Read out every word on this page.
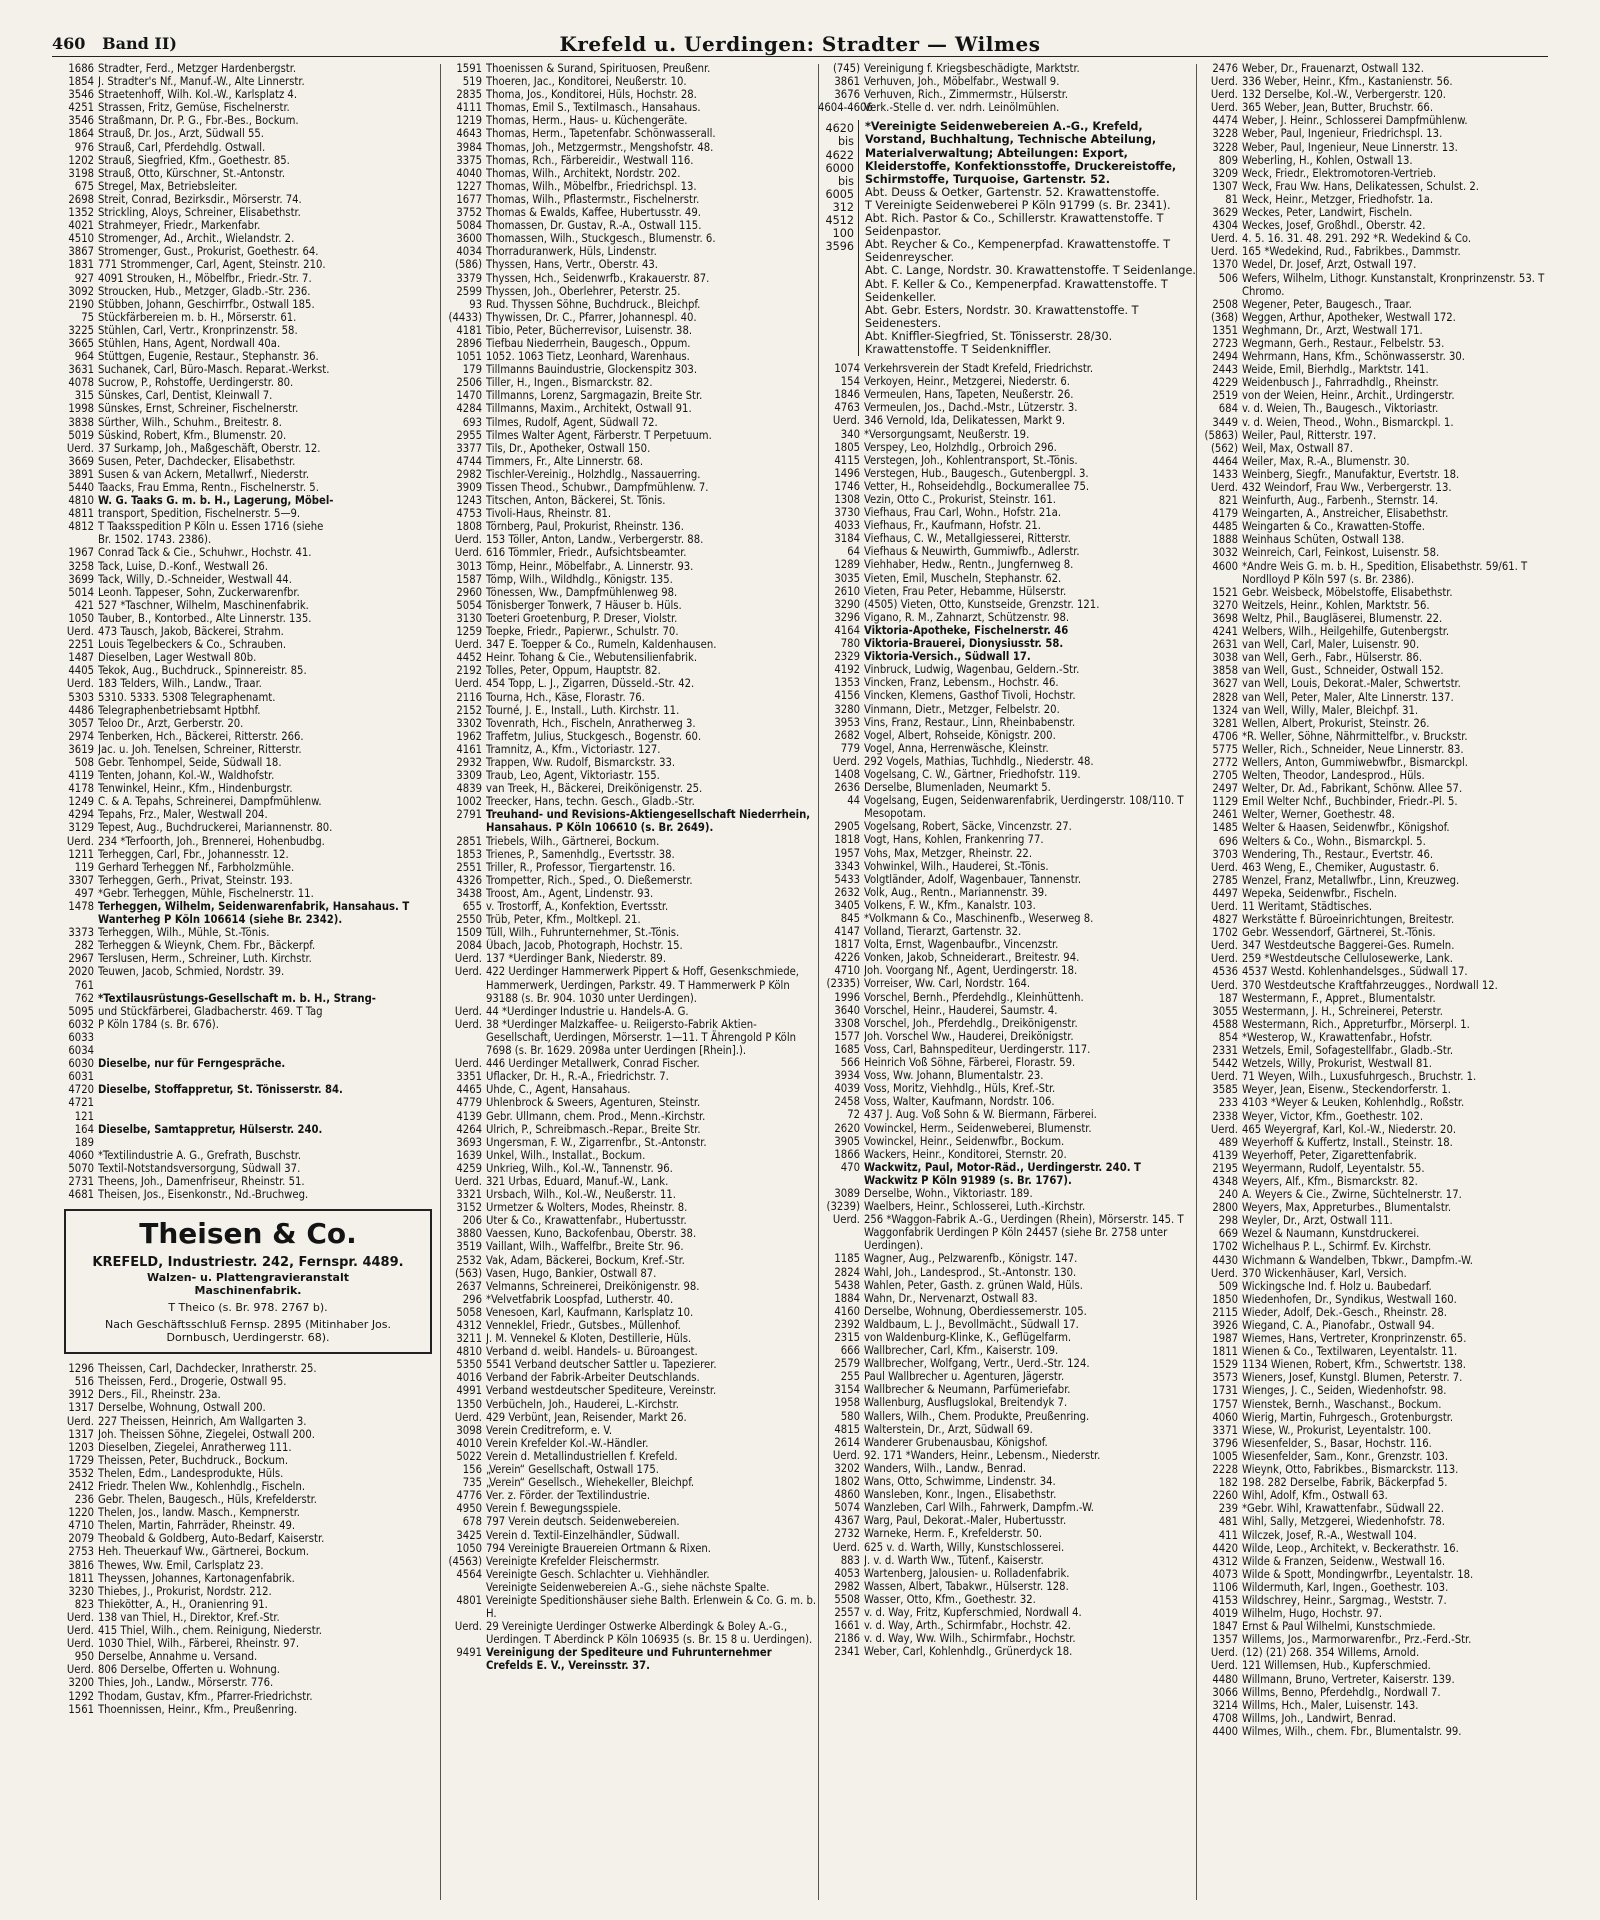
460 Band II)	Krefeld u. Uerdingen: Stradter — Wilmes
1686 Stradter, Ferd., Metzger Hardenbergstr.
1854 J. Stradter's Nf., Manuf.-W., Alte Linnerstr.
3546 Straetenhoff, Wilh. Kol.-W., Karlsplatz 4.
4251 Strassen, Fritz, Gemüse, Fischelnerstr.
3546 Straßmann, Dr. P. G., Fbr.-Bes., Bockum.
1864 Strauß, Dr. Jos., Arzt, Südwall 55.
976 Strauß, Carl, Pferdehdlg. Ostwall.
1202 Strauß, Siegfried, Kfm., Goethestr. 85.
3198 Strauß, Otto, Kürschner, St.-Antonstr.
675 Stregel, Max, Betriebsleiter.
2698 Streit, Conrad, Bezirksdir., Mörserstr. 74.
1352 Strickling, Aloys, Schreiner, Elisabethstr.
4021 Strahmeyer, Friedr., Markenfabr.
4510 Stromenger, Ad., Archit., Wielandstr. 2.
3867 Stromenger, Gust., Prokurist, Goethestr. 64.
1831 771 Strommenger, Carl, Agent, Steinstr. 210.
927 4091 Strouken, H., Möbelfbr., Friedr.-Str. 7.
3092 Stroucken, Hub., Metzger, Gladb.-Str. 236.
2190 Stübben, Johann, Geschirrfbr., Ostwall 185.
75 Stückfärbereien m. b. H., Mörserstr. 61.
3225 Stühlen, Carl, Vertr., Kronprinzenstr. 58.
3665 Stühlen, Hans, Agent, Nordwall 40a.
964 Stüttgen, Eugenie, Restaur., Stephanstr. 36.
3631 Suchanek, Carl, Büro-Masch. Reparat.-Werkst.
4078 Sucrow, P., Rohstoffe, Uerdingerstr. 80.
315 Sünskes, Carl, Dentist, Kleinwall 7.
1998 Sünskes, Ernst, Schreiner, Fischelnerstr.
3838 Sürther, Wilh., Schuhm., Breitestr. 8.
5019 Süskind, Robert, Kfm., Blumenstr. 20.
Uerd. 37 Surkamp, Joh., Maßgeschäft, Oberstr. 12.
3669 Susen, Peter, Dachdecker, Elisabethstr.
3891 Susen & van Ackern, Metallwrf., Niederstr.
5440 Taacks, Frau Emma, Rentn., Fischelnerstr. 5.
4810 W. G. Taaks G. m. b. H., Lagerung, Möbel-
4811 transport, Spedition, Fischelnerstr. 5—9.
4812 T Taaksspedition P Köln u. Essen 1716 (siehe
Br. 1502. 1743. 2386).
1967 Conrad Tack & Cie., Schuhwr., Hochstr. 41.
3258 Tack, Luise, D.-Konf., Westwall 26.
3699 Tack, Willy, D.-Schneider, Westwall 44.
5014 Leonh. Tappeser, Sohn, Zuckerwarenfbr.
421 527 *Taschner, Wilhelm, Maschinenfabrik.
1050 Tauber, B., Kontorbed., Alte Linnerstr. 135.
Uerd. 473 Tausch, Jakob, Bäckerei, Strahm.
2251 Louis Tegelbeckers & Co., Schrauben.
1487 Dieselben, Lager Westwall 80b.
4405 Tekok, Aug., Buchdruck., Spinnereistr. 85.
Uerd. 183 Telders, Wilh., Landw., Traar.
5303 5310. 5333. 5308 Telegraphenamt.
4486 Telegraphenbetriebsamt Hptbhf.
3057 Teloo Dr., Arzt, Gerberstr. 20.
2974 Tenberken, Hch., Bäckerei, Ritterstr. 266.
3619 Jac. u. Joh. Tenelsen, Schreiner, Ritterstr.
508 Gebr. Tenhompel, Seide, Südwall 18.
4119 Tenten, Johann, Kol.-W., Waldhofstr.
4178 Tenwinkel, Heinr., Kfm., Hindenburgstr.
1249 C. & A. Tepahs, Schreinerei, Dampfmühlenw.
4294 Tepahs, Frz., Maler, Westwall 204.
3129 Tepest, Aug., Buchdruckerei, Mariannenstr. 80.
Uerd. 234 *Terfoorth, Joh., Brennerei, Hohenbudbg.
1211 Terheggen, Carl, Fbr., Johannesstr. 12.
119 Gerhard Terheggen Nf., Farbholzmühle.
3307 Terheggen, Gerh., Privat, Steinstr. 193.
497 *Gebr. Terheggen, Mühle, Fischelnerstr. 11.
1478 Terheggen, Wilhelm, Seidenwarenfabrik, Hansahaus. T Wanterheg P Köln 106614 (siehe Br. 2342).
3373 Terheggen, Wilh., Mühle, St.-Tönis.
282 Terheggen & Wieynk, Chem. Fbr., Bäckerpf.
2967 Terslusen, Herm., Schreiner, Luth. Kirchstr.
2020 Teuwen, Jacob, Schmied, Nordstr. 39.
761
762 *Textilausrüstungs-Gesellschaft m. b. H., Strang-
5095 und Stückfärberei, Gladbacherstr. 469. T Tag
6032 P Köln 1784 (s. Br. 676).
6033
6034
6030 Dieselbe, nur für Ferngespräche.
6031
4720 Dieselbe, Stoffappretur, St. Tönisserstr. 84.
4721
121
164 Dieselbe, Samtappretur, Hülserstr. 240.
189
4060 *Textilindustrie A. G., Grefrath, Buschstr.
5070 Textil-Notstandsversorgung, Südwall 37.
2731 Theens, Joh., Damenfriseur, Rheinstr. 51.
4681 Theisen, Jos., Eisenkonstr., Nd.-Bruchweg.
Theisen & Co.
KREFELD, Industriestr. 242, Fernspr. 4489.
Walzen- u. Plattengravieranstalt
Maschinenfabrik.
T Theico (s. Br. 978. 2767 b).
Nach Geschäftsschluß Fernsp. 2895 (Mitinhaber Jos. Dornbusch, Uerdingerstr. 68).
1296 Theissen, Carl, Dachdecker, Inratherstr. 25.
516 Theissen, Ferd., Drogerie, Ostwall 95.
3912 Ders., Fil., Rheinstr. 23a.
1317 Derselbe, Wohnung, Ostwall 200.
Uerd. 227 Theissen, Heinrich, Am Wallgarten 3.
1317 Joh. Theissen Söhne, Ziegelei, Ostwall 200.
1203 Dieselben, Ziegelei, Anratherweg 111.
1729 Theissen, Peter, Buchdruck., Bockum.
3532 Thelen, Edm., Landesprodukte, Hüls.
2412 Friedr. Thelen Ww., Kohlenhdlg., Fischeln.
236 Gebr. Thelen, Baugesch., Hüls, Krefelderstr.
1220 Thelen, Jos., landw. Masch., Kempnerstr.
4710 Thelen, Martin, Fahrräder, Rheinstr. 49.
2079 Theobald & Goldberg, Auto-Bedarf, Kaiserstr.
2753 Heh. Theuerkauf Ww., Gärtnerei, Bockum.
3816 Thewes, Ww. Emil, Carlsplatz 23.
1811 Theyssen, Johannes, Kartonagenfabrik.
3230 Thiebes, J., Prokurist, Nordstr. 212.
823 Thiekötter, A., H., Oranienring 91.
Uerd. 138 van Thiel, H., Direktor, Kref.-Str.
Uerd. 415 Thiel, Wilh., chem. Reinigung, Niederstr.
Uerd. 1030 Thiel, Wilh., Färberei, Rheinstr. 97.
950 Derselbe, Annahme u. Versand.
Uerd. 806 Derselbe, Offerten u. Wohnung.
3200 Thies, Joh., Landw., Mörserstr. 776.
1292 Thodam, Gustav, Kfm., Pfarrer-Friedrichstr.
1561 Thoennissen, Heinr., Kfm., Preußenring.
1591 Thoenissen & Surand, Spirituosen, Preußenr.
519 Thoeren, Jac., Konditorei, Neußerstr. 10.
2835 Thoma, Jos., Konditorei, Hüls, Hochstr. 28.
4111 Thomas, Emil S., Textilmasch., Hansahaus.
1219 Thomas, Herm., Haus- u. Küchengeräte.
4643 Thomas, Herm., Tapetenfabr. Schönwasserall.
3984 Thomas, Joh., Metzgermstr., Mengshofstr. 48.
3375 Thomas, Rch., Färbereidir., Westwall 116.
4040 Thomas, Wilh., Architekt, Nordstr. 202.
1227 Thomas, Wilh., Möbelfbr., Friedrichspl. 13.
1677 Thomas, Wilh., Pflastermstr., Fischelnerstr.
3752 Thomas & Ewalds, Kaffee, Hubertusstr. 49.
5084 Thomassen, Dr. Gustav, R.-A., Ostwall 115.
3600 Thomassen, Wilh., Stuckgesch., Blumenstr. 6.
4034 Thorraduranwerk, Hüls, Lindenstr.
(586) Thyssen, Hans, Vertr., Oberstr. 43.
3379 Thyssen, Hch., Seidenwrfb., Krakauerstr. 87.
2599 Thyssen, Joh., Oberlehrer, Peterstr. 25.
93 Rud. Thyssen Söhne, Buchdruck., Bleichpf.
(4433) Thywissen, Dr. C., Pfarrer, Johannespl. 40.
4181 Tibio, Peter, Bücherrevisor, Luisenstr. 38.
2896 Tiefbau Niederrhein, Baugesch., Oppum.
1051 1052. 1063 Tietz, Leonhard, Warenhaus.
179 Tillmanns Bauindustrie, Glockenspitz 303.
2506 Tiller, H., Ingen., Bismarckstr. 82.
1470 Tillmanns, Lorenz, Sargmagazin, Breite Str.
4284 Tillmanns, Maxim., Architekt, Ostwall 91.
693 Tilmes, Rudolf, Agent, Südwall 72.
2955 Tilmes Walter Agent, Färberstr. T Perpetuum.
3377 Tils, Dr., Apotheker, Ostwall 150.
4744 Timmers, Fr., Alte Linnerstr. 68.
2982 Tischler-Vereinig., Holzhdlg., Nassauerring.
3909 Tissen Theod., Schubwr., Dampfmühlenw. 7.
1243 Titschen, Anton, Bäckerei, St. Tönis.
4753 Tivoli-Haus, Rheinstr. 81.
1808 Törnberg, Paul, Prokurist, Rheinstr. 136.
Uerd. 153 Töller, Anton, Landw., Verbergerstr. 88.
Uerd. 616 Tömmler, Friedr., Aufsichtsbeamter.
3013 Tömp, Heinr., Möbelfabr., A. Linnerstr. 93.
1587 Tömp, Wilh., Wildhdlg., Königstr. 135.
2960 Tönessen, Ww., Dampfmühlenweg 98.
5054 Tönisberger Tonwerk, 7 Häuser b. Hüls.
3130 Toeteri Groetenburg, P. Dreser, Violstr.
1259 Toepke, Friedr., Papierwr., Schulstr. 70.
Uerd. 347 E. Toepper & Co., Rumeln, Kaldenhausen.
4452 Heinr. Tohang & Cie., Webutensilienfabrik.
2192 Tolles, Peter, Oppum, Hauptstr. 82.
Uerd. 454 Topp, L. J., Zigarren, Düsseld.-Str. 42.
2116 Tourna, Hch., Käse, Florastr. 76.
2152 Tourné, J. E., Install., Luth. Kirchstr. 11.
3302 Tovenrath, Hch., Fischeln, Anratherweg 3.
1962 Traffetm, Julius, Stuckgesch., Bogenstr. 60.
4161 Tramnitz, A., Kfm., Victoriastr. 127.
2932 Trappen, Ww. Rudolf, Bismarckstr. 33.
3309 Traub, Leo, Agent, Viktoriastr. 155.
4839 van Treek, H., Bäckerei, Dreikönigenstr. 25.
1002 Treecker, Hans, techn. Gesch., Gladb.-Str.
2791 Treuhand- und Revisions-Aktiengesellschaft Niederrhein, Hansahaus. P Köln 106610 (s. Br. 2649).
2851 Triebels, Wilh., Gärtnerei, Bockum.
1853 Trienes, P., Samenhdlg., Evertsstr. 38.
2551 Triller, R., Professor, Tiergartenstr. 16.
4326 Trompetter, Rich., Sped., O. Dießemerstr.
3438 Troost, Am., Agent, Lindenstr. 93.
655 v. Trostorff, A., Konfektion, Evertsstr.
2550 Trüb, Peter, Kfm., Moltkepl. 21.
1509 Tüll, Wilh., Fuhrunternehmer, St.-Tönis.
2084 Übach, Jacob, Photograph, Hochstr. 15.
Uerd. 137 *Uerdinger Bank, Niederstr. 89.
Uerd. 422 Uerdinger Hammerwerk Pippert & Hoff, Gesenkschmiede, Hammerwerk, Uerdingen, Parkstr. 49. T Hammerwerk P Köln 93188 (s. Br. 904. 1030 unter Uerdingen).
Uerd. 44 *Uerdinger Industrie u. Handels-A. G.
Uerd. 38 *Uerdinger Malzkaffee- u. Reiigersto-Fabrik Aktien-Gesellschaft, Uerdingen, Mörserstr. 1—11. T Ährengold P Köln 7698 (s. Br. 1629. 2098a unter Uerdingen [Rhein].).
Uerd. 446 Uerdinger Metallwerk, Conrad Fischer.
3351 Uflacker, Dr. H., R.-A., Friedrichstr. 7.
4465 Uhde, C., Agent, Hansahaus.
4779 Uhlenbrock & Sweers, Agenturen, Steinstr.
4139 Gebr. Ullmann, chem. Prod., Menn.-Kirchstr.
4264 Ulrich, P., Schreibmasch.-Repar., Breite Str.
3693 Ungersman, F. W., Zigarrenfbr., St.-Antonstr.
1639 Unkel, Wilh., Installat., Bockum.
4259 Unkrieg, Wilh., Kol.-W., Tannenstr. 96.
Uerd. 321 Urbas, Eduard, Manuf.-W., Lank.
3321 Ursbach, Wilh., Kol.-W., Neußerstr. 11.
3152 Urmetzer & Wolters, Modes, Rheinstr. 8.
206 Uter & Co., Krawattenfabr., Hubertusstr.
3880 Vaessen, Kuno, Backofenbau, Oberstr. 38.
3519 Vaillant, Wilh., Waffelfbr., Breite Str. 96.
2532 Vak, Adam, Bäckerei, Bockum, Kref.-Str.
(563) Vasen, Hugo, Bankier, Ostwall 87.
2637 Velmanns, Schreinerei, Dreikönigenstr. 98.
296 *Velvetfabrik Loospfad, Lutherstr. 40.
5058 Venesoen, Karl, Kaufmann, Karlsplatz 10.
4312 Venneklel, Friedr., Gutsbes., Müllenhof.
3211 J. M. Vennekel & Kloten, Destillerie, Hüls.
4810 Verband d. weibl. Handels- u. Büroangest.
5350 5541 Verband deutscher Sattler u. Tapezierer.
4016 Verband der Fabrik-Arbeiter Deutschlands.
4991 Verband westdeutscher Spediteure, Vereinstr.
1350 Verbücheln, Joh., Hauderei, L.-Kirchstr.
Uerd. 429 Verbünt, Jean, Reisender, Markt 26.
3098 Verein Creditreform, e. V.
4010 Verein Krefelder Kol.-W.-Händler.
5022 Verein d. Metallindustriellen f. Krefeld.
156 „Verein“ Gesellschaft, Ostwall 175.
735 „Verein“ Gesellsch., Wiehekeller, Bleichpf.
4776 Ver. z. Förder. der Textilindustrie.
4950 Verein f. Bewegungsspiele.
678 797 Verein deutsch. Seidenwebereien.
3425 Verein d. Textil-Einzelhändler, Südwall.
1050 794 Vereinigte Brauereien Ortmann & Rixen.
(4563) Vereinigte Krefelder Fleischermstr.
4564 Vereinigte Gesch. Schlachter u. Viehhändler.
Vereinigte Seidenwebereien A.-G., siehe nächste Spalte.
4801 Vereinigte Speditionshäuser siehe Balth. Erlenwein & Co. G. m. b. H.
Uerd. 29 Vereinigte Uerdinger Ostwerke Alberdingk & Boley A.-G., Uerdingen. T Aberdinck P Köln 106935 (s. Br. 15 8 u. Uerdingen).
9491 Vereinigung der Spediteure und Fuhrunternehmer Crefelds E. V., Vereinsstr. 37.
(745) Vereinigung f. Kriegsbeschädigte, Marktstr.
3861 Verhuven, Joh., Möbelfabr., Westwall 9.
3676 Verhuven, Rich., Zimmermstr., Hülserstr.
4604-4606
Verk.-Stelle d. ver. ndrh. Leinölmühlen.
4620
bis
4622
6000
bis
6005
312
4512
100
3596
*Vereinigte Seidenwebereien A.-G., Krefeld, Vorstand, Buchhaltung, Technische Abteilung, Materialverwaltung; Abteilungen: Export, Kleiderstoffe, Konfektionsstoffe, Druckereistoffe, Schirmstoffe, Turquoise, Gartenstr. 52.
Abt. Deuss & Oetker, Gartenstr. 52. Krawattenstoffe.
T Vereinigte Seidenweberei P Köln 91799 (s. Br. 2341).
Abt. Rich. Pastor & Co., Schillerstr. Krawattenstoffe. T Seidenpastor.
Abt. Reycher & Co., Kempenerpfad. Krawattenstoffe. T Seidenreyscher.
Abt. C. Lange, Nordstr. 30. Krawattenstoffe. T Seidenlange.
Abt. F. Keller & Co., Kempenerpfad. Krawattenstoffe. T Seidenkeller.
Abt. Gebr. Esters, Nordstr. 30. Krawattenstoffe. T Seidenesters.
Abt. Kniffler-Siegfried, St. Tönisserstr. 28/30. Krawattenstoffe. T Seidenkniffler.
1074 Verkehrsverein der Stadt Krefeld, Friedrichstr.
154 Verkoyen, Heinr., Metzgerei, Niederstr. 6.
1846 Vermeulen, Hans, Tapeten, Neußerstr. 26.
4763 Vermeulen, Jos., Dachd.-Mstr., Lützerstr. 3.
Uerd. 346 Vernold, Ida, Delikatessen, Markt 9.
340 *Versorgungsamt, Neußerstr. 19.
1805 Verspey, Leo, Holzhdlg., Orbroich 296.
4115 Verstegen, Joh., Kohlentransport, St.-Tönis.
1496 Verstegen, Hub., Baugesch., Gutenbergpl. 3.
1746 Vetter, H., Rohseidehdlg., Bockumerallee 75.
1308 Vezin, Otto C., Prokurist, Steinstr. 161.
3730 Viefhaus, Frau Carl, Wohn., Hofstr. 21a.
4033 Viefhaus, Fr., Kaufmann, Hofstr. 21.
3184 Viefhaus, C. W., Metallgiesserei, Ritterstr.
64 Viefhaus & Neuwirth, Gummiwfb., Adlerstr.
1289 Viehhaber, Hedw., Rentn., Jungfernweg 8.
3035 Vieten, Emil, Muscheln, Stephanstr. 62.
2610 Vieten, Frau Peter, Hebamme, Hülserstr.
3290 (4505) Vieten, Otto, Kunstseide, Grenzstr. 121.
3296 Vigano, R. M., Zahnarzt, Schützenstr. 98.
4164 Viktoria-Apotheke, Fischelnerstr. 46
780 Viktoria-Brauerei, Dionysiusstr. 58.
2329 Viktoria-Versich., Südwall 17.
4192 Vinbruck, Ludwig, Wagenbau, Geldern.-Str.
1353 Vincken, Franz, Lebensm., Hochstr. 46.
4156 Vincken, Klemens, Gasthof Tivoli, Hochstr.
3280 Vinmann, Dietr., Metzger, Felbelstr. 20.
3953 Vins, Franz, Restaur., Linn, Rheinbabenstr.
2682 Vogel, Albert, Rohseide, Königstr. 200.
779 Vogel, Anna, Herrenwäsche, Kleinstr.
Uerd. 292 Vogels, Mathias, Tuchhdlg., Niederstr. 48.
1408 Vogelsang, C. W., Gärtner, Friedhofstr. 119.
2636 Derselbe, Blumenladen, Neumarkt 5.
44 Vogelsang, Eugen, Seidenwarenfabrik, Uerdingerstr. 108/110. T Mesopotam.
2905 Vogelsang, Robert, Säcke, Vincenzstr. 27.
1818 Vogt, Hans, Kohlen, Frankenring 77.
1957 Vohs, Max, Metzger, Rheinstr. 22.
3343 Vohwinkel, Wilh., Hauderei, St.-Tönis.
5433 Volgtländer, Adolf, Wagenbauer, Tannenstr.
2632 Volk, Aug., Rentn., Mariannenstr. 39.
3405 Volkens, F. W., Kfm., Kanalstr. 103.
845 *Volkmann & Co., Maschinenfb., Weserweg 8.
4147 Volland, Tierarzt, Gartenstr. 32.
1817 Volta, Ernst, Wagenbaufbr., Vincenzstr.
4226 Vonken, Jakob, Schneiderart., Breitestr. 94.
4710 Joh. Voorgang Nf., Agent, Uerdingerstr. 18.
(2335) Vorreiser, Ww. Carl, Nordstr. 164.
1996 Vorschel, Bernh., Pferdehdlg., Kleinhüttenh.
3640 Vorschel, Heinr., Hauderei, Saumstr. 4.
3308 Vorschel, Joh., Pferdehdlg., Dreikönigenstr.
1577 Joh. Vorschel Ww., Hauderei, Dreikönigstr.
1685 Voss, Carl, Bahnspediteur, Uerdingerstr. 117.
566 Heinrich Voß Söhne, Färberei, Florastr. 59.
3934 Voss, Ww. Johann, Blumentalstr. 23.
4039 Voss, Moritz, Viehhdlg., Hüls, Kref.-Str.
2458 Voss, Walter, Kaufmann, Nordstr. 106.
72 437 J. Aug. Voß Sohn & W. Biermann, Färberei.
2620 Vowinckel, Herm., Seidenweberei, Blumenstr.
3905 Vowinckel, Heinr., Seidenwfbr., Bockum.
1866 Wackers, Heinr., Konditorei, Sternstr. 20.
470 Wackwitz, Paul, Motor-Räd., Uerdingerstr. 240. T Wackwitz P Köln 91989 (s. Br. 1767).
3089 Derselbe, Wohn., Viktoriastr. 189.
(3239) Waelbers, Heinr., Schlosserei, Luth.-Kirchstr.
Uerd. 256 *Waggon-Fabrik A.-G., Uerdingen (Rhein), Mörserstr. 145. T Waggonfabrik Uerdingen P Köln 24457 (siehe Br. 2758 unter Uerdingen).
1185 Wagner, Aug., Pelzwarenfb., Königstr. 147.
2824 Wahl, Joh., Landesprod., St.-Antonstr. 130.
5438 Wahlen, Peter, Gasth. z. grünen Wald, Hüls.
1884 Wahn, Dr., Nervenarzt, Ostwall 83.
4160 Derselbe, Wohnung, Oberdiessemerstr. 105.
2392 Waldbaum, L. J., Bevollmächt., Südwall 17.
2315 von Waldenburg-Klinke, K., Geflügelfarm.
666 Wallbrecher, Carl, Kfm., Kaiserstr. 109.
2579 Wallbrecher, Wolfgang, Vertr., Uerd.-Str. 124.
255 Paul Wallbrecher u. Agenturen, Jägerstr.
3154 Wallbrecher & Neumann, Parfümeriefabr.
1958 Wallenburg, Ausflugslokal, Breitendyk 7.
580 Wallers, Wilh., Chem. Produkte, Preußenring.
4815 Walterstein, Dr., Arzt, Südwall 69.
2614 Wanderer Grubenausbau, Königshof.
Uerd. 92. 171 *Wanders, Heinr., Lebensm., Niederstr.
3202 Wanders, Wilh., Landw., Benrad.
1802 Wans, Otto, Schwimme, Lindenstr. 34.
4860 Wansleben, Konr., Ingen., Elisabethstr.
5074 Wanzleben, Carl Wilh., Fahrwerk, Dampfm.-W.
4367 Warg, Paul, Dekorat.-Maler, Hubertusstr.
2732 Warneke, Herm. F., Krefelderstr. 50.
Uerd. 625 v. d. Warth, Willy, Kunstschlosserei.
883 J. v. d. Warth Ww., Tütenf., Kaiserstr.
4053 Wartenberg, Jalousien- u. Rolladenfabrik.
2982 Wassen, Albert, Tabakwr., Hülserstr. 128.
5508 Wasser, Otto, Kfm., Goethestr. 32.
2557 v. d. Way, Fritz, Kupferschmied, Nordwall 4.
1661 v. d. Way, Arth., Schirmfabr., Hochstr. 42.
2186 v. d. Way, Ww. Wilh., Schirmfabr., Hochstr.
2341 Weber, Carl, Kohlenhdlg., Grünerdyck 18.
2476 Weber, Dr., Frauenarzt, Ostwall 132.
Uerd. 336 Weber, Heinr., Kfm., Kastanienstr. 56.
Uerd. 132 Derselbe, Kol.-W., Verbergerstr. 120.
Uerd. 365 Weber, Jean, Butter, Bruchstr. 66.
4474 Weber, J. Heinr., Schlosserei Dampfmühlenw.
3228 Weber, Paul, Ingenieur, Friedrichspl. 13.
3228 Weber, Paul, Ingenieur, Neue Linnerstr. 13.
809 Weberling, H., Kohlen, Ostwall 13.
3209 Weck, Friedr., Elektromotoren-Vertrieb.
1307 Weck, Frau Ww. Hans, Delikatessen, Schulst. 2.
81 Weck, Heinr., Metzger, Friedhofstr. 1a.
3629 Weckes, Peter, Landwirt, Fischeln.
4304 Weckes, Josef, Großhdl., Oberstr. 42.
Uerd. 4. 5. 16. 31. 48. 291. 292 *R. Wedekind & Co.
Uerd. 165 *Wedekind, Rud., Fabrikbes., Dammstr.
1370 Wedel, Dr. Josef, Arzt, Ostwall 197.
506 Wefers, Wilhelm, Lithogr. Kunstanstalt, Kronprinzenstr. 53. T Chromo.
2508 Wegener, Peter, Baugesch., Traar.
(368) Weggen, Arthur, Apotheker, Westwall 172.
1351 Weghmann, Dr., Arzt, Westwall 171.
2723 Wegmann, Gerh., Restaur., Felbelstr. 53.
2494 Wehrmann, Hans, Kfm., Schönwasserstr. 30.
2443 Weide, Emil, Bierhdlg., Marktstr. 141.
4229 Weidenbusch J., Fahrradhdlg., Rheinstr.
2519 von der Weien, Heinr., Archit., Urdingerstr.
684 v. d. Weien, Th., Baugesch., Viktoriastr.
3449 v. d. Weien, Theod., Wohn., Bismarckpl. 1.
(5863) Weiler, Paul, Ritterstr. 197.
(562) Weil, Max, Ostwall 87.
4464 Weiler, Max, R.-A., Blumenstr. 30.
1433 Weinberg, Siegfr., Manufaktur, Evertstr. 18.
Uerd. 432 Weindorf, Frau Ww., Verbergerstr. 13.
821 Weinfurth, Aug., Farbenh., Sternstr. 14.
4179 Weingarten, A., Anstreicher, Elisabethstr.
4485 Weingarten & Co., Krawatten-Stoffe.
1888 Weinhaus Schüten, Ostwall 138.
3032 Weinreich, Carl, Feinkost, Luisenstr. 58.
4600 *Andre Weis G. m. b. H., Spedition, Elisabethstr. 59/61. T Nordlloyd P Köln 597 (s. Br. 2386).
1521 Gebr. Weisbeck, Möbelstoffe, Elisabethstr.
3270 Weitzels, Heinr., Kohlen, Marktstr. 56.
3698 Weltz, Phil., Baugläserei, Blumenstr. 22.
4241 Welbers, Wilh., Heilgehilfe, Gutenbergstr.
2631 van Well, Carl, Maler, Luisenstr. 90.
3038 van Well, Gerh., Fabr., Hülserstr. 86.
3858 van Well, Gust., Schneider, Ostwall 152.
3627 van Well, Louis, Dekorat.-Maler, Schwertstr.
2828 van Well, Peter, Maler, Alte Linnerstr. 137.
1324 van Well, Willy, Maler, Bleichpf. 31.
3281 Wellen, Albert, Prokurist, Steinstr. 26.
4706 *R. Weller, Söhne, Nährmittelfbr., v. Bruckstr.
5775 Weller, Rich., Schneider, Neue Linnerstr. 83.
2772 Wellers, Anton, Gummiwebwfbr., Bismarckpl.
2705 Welten, Theodor, Landesprod., Hüls.
2497 Welter, Dr. Ad., Fabrikant, Schönw. Allee 57.
1129 Emil Welter Nchf., Buchbinder, Friedr.-Pl. 5.
2461 Welter, Werner, Goethestr. 48.
1485 Welter & Haasen, Seidenwfbr., Königshof.
696 Welters & Co., Wohn., Bismarckpl. 5.
3703 Wendering, Th., Restaur., Evertstr. 46.
Uerd. 463 Weng, E., Chemiker, Augustastr. 6.
2785 Wenzel, Franz, Metallwfbr., Linn, Kreuzweg.
4497 Wepeka, Seidenwfbr., Fischeln.
Uerd. 11 Weritamt, Städtisches.
4827 Werkstätte f. Büroeinrichtungen, Breitestr.
1702 Gebr. Wessendorf, Gärtnerei, St.-Tönis.
Uerd. 347 Westdeutsche Baggerei-Ges. Rumeln.
Uerd. 259 *Westdeutsche Cellulosewerke, Lank.
4536 4537 Westd. Kohlenhandelsges., Südwall 17.
Uerd. 370 Westdeutsche Kraftfahrzeugges., Nordwall 12.
187 Westermann, F., Appret., Blumentalstr.
3055 Westermann, J. H., Schreinerei, Peterstr.
4588 Westermann, Rich., Appreturfbr., Mörserpl. 1.
854 *Westerop, W., Krawattenfabr., Hofstr.
2331 Wetzels, Emil, Sofagestellfabr., Gladb.-Str.
5442 Wetzels, Willy, Prokurist, Westwall 81.
Uerd. 71 Weyen, Wilh., Luxusfuhrgesch., Bruchstr. 1.
3585 Weyer, Jean, Eisenw., Steckendorferstr. 1.
233 4103 *Weyer & Leuken, Kohlenhdlg., Roßstr.
2338 Weyer, Victor, Kfm., Goethestr. 102.
Uerd. 465 Weyergraf, Karl, Kol.-W., Niederstr. 20.
489 Weyerhoff & Kuffertz, Install., Steinstr. 18.
4139 Weyerhoff, Peter, Zigarettenfabrik.
2195 Weyermann, Rudolf, Leyentalstr. 55.
4348 Weyers, Alf., Kfm., Bismarckstr. 82.
240 A. Weyers & Cie., Zwirne, Süchtelnerstr. 17.
2800 Weyers, Max, Appreturbes., Blumentalstr.
298 Weyler, Dr., Arzt, Ostwall 111.
669 Wezel & Naumann, Kunstdruckerei.
1702 Wichelhaus P. L., Schirmf. Ev. Kirchstr.
4430 Wichmann & Wandelben, Tbkwr., Dampfm.-W.
Uerd. 370 Wickenhäuser, Karl, Versich.
509 Wickingsche Ind. f. Holz u. Baubedarf.
1850 Wiedenhofen, Dr., Syndikus, Westwall 160.
2115 Wieder, Adolf, Dek.-Gesch., Rheinstr. 28.
3926 Wiegand, C. A., Pianofabr., Ostwall 94.
1987 Wiemes, Hans, Vertreter, Kronprinzenstr. 65.
1811 Wienen & Co., Textilwaren, Leyentalstr. 11.
1529 1134 Wienen, Robert, Kfm., Schwertstr. 138.
3573 Wieners, Josef, Kunstgl. Blumen, Peterstr. 7.
1731 Wienges, J. C., Seiden, Wiedenhofstr. 98.
1757 Wienstek, Bernh., Waschanst., Bockum.
4060 Wierig, Martin, Fuhrgesch., Grotenburgstr.
3371 Wiese, W., Prokurist, Leyentalstr. 100.
3796 Wiesenfelder, S., Basar, Hochstr. 116.
1005 Wiesenfelder, Sam., Konr., Grenzstr. 103.
2228 Wieynk, Otto, Fabrikbes., Bismarckstr. 113.
182 198. 282 Derselbe, Fabrik, Bäckerpfad 5.
2260 Wihl, Adolf, Kfm., Ostwall 63.
239 *Gebr. Wihl, Krawattenfabr., Südwall 22.
481 Wihl, Sally, Metzgerei, Wiedenhofstr. 78.
411 Wilczek, Josef, R.-A., Westwall 104.
4420 Wilde, Leop., Architekt, v. Beckerathstr. 16.
4312 Wilde & Franzen, Seidenw., Westwall 16.
4073 Wilde & Spott, Mondingwrfbr., Leyentalstr. 18.
1106 Wildermuth, Karl, Ingen., Goethestr. 103.
4153 Wildschrey, Heinr., Sargmag., Weststr. 7.
4019 Wilhelm, Hugo, Hochstr. 97.
1847 Ernst & Paul Wilhelmi, Kunstschmiede.
1357 Willems, Jos., Marmorwarenfbr., Prz.-Ferd.-Str.
Uerd. (12) (21) 268. 354 Willems, Arnold.
Uerd. 121 Willemsen, Hub., Kupferschmied.
4480 Willmann, Bruno, Vertreter, Kaiserstr. 139.
3066 Willms, Benno, Pferdehdlg., Nordwall 7.
3214 Willms, Hch., Maler, Luisenstr. 143.
4708 Willms, Joh., Landwirt, Benrad.
4400 Wilmes, Wilh., chem. Fbr., Blumentalstr. 99.
